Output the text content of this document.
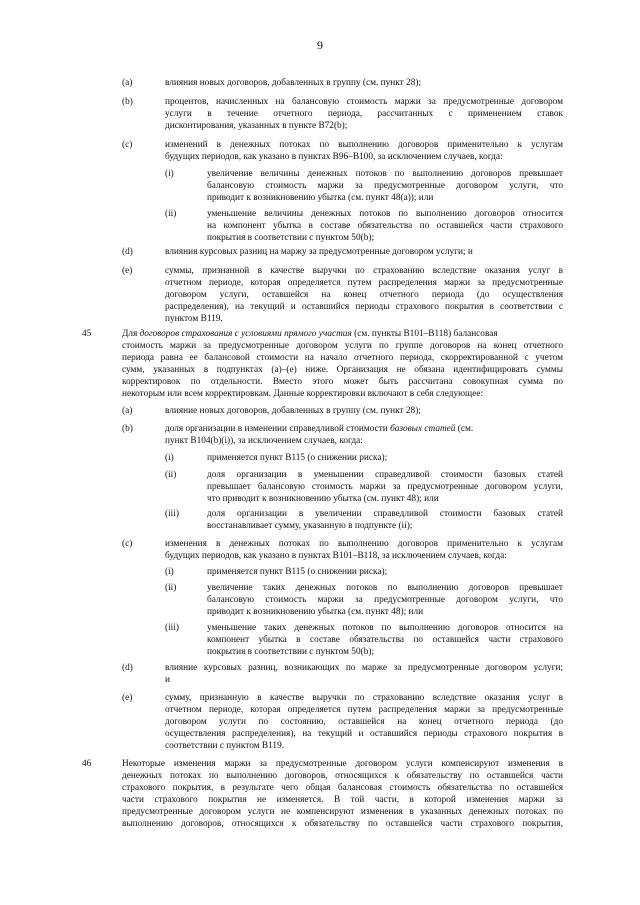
9
(a)	влияния новых договоров, добавленных в группу (см. пункт 28);
(b)	процентов, начисленных на балансовую стоимость маржи за предусмотренные договором
услуги в течение отчетного периода, рассчитанных с применением ставок
дисконтирования, указанных в пункте B72(b);
(c)	изменений в денежных потоках по выполнению договоров применительно к услугам
будущих периодов, как указано в пунктах B96–B100, за исключением случаев, когда:
(i)	увеличение величины денежных потоков по выполнению договоров превышает
балансовую стоимость маржи за предусмотренные договором услуги, что
приводит к возникновению убытка (см. пункт 48(a)); или
(ii)	уменьшение величины денежных потоков по выполнению договоров относится
на компонент убытка в составе обязательства по оставшейся части страхового
покрытия в соответствии с пунктом 50(b);
(d)	влияния курсовых разниц на маржу за предусмотренные договором услуги; и
(e)	суммы, признанной в качестве выручки по страхованию вследствие оказания услуг в
отчетном периоде, которая определяется путем распределения маржи за предусмотренные
договором услуги, оставшейся на конец отчетного периода (до осуществления
распределения), на текущий и оставшийся периоды страхового покрытия в соответствии с
пунктом B119.
45	Для договоров страхования с условиями прямого участия (см. пункты B101–B118) балансовая
стоимость маржи за предусмотренные договором услуги по группе договоров на конец отчетного
периода равна ее балансовой стоимости на начало отчетного периода, скорректированной с учетом
сумм, указанных в подпунктах (a)–(e) ниже. Организация не обязана идентифицировать суммы
корректировок по отдельности. Вместо этого может быть рассчитана совокупная сумма по
некоторым или всем корректировкам. Данные корректировки включают в себя следующее:
(a)	влияние новых договоров, добавленных в группу (см. пункт 28);
(b)	доля организации в изменении справедливой стоимости базовых статей (см.
пункт B104(b)(i)), за исключением случаев, когда:
(i)	применяется пункт B115 (о снижении риска);
(ii)	доля организации в уменьшении справедливой стоимости базовых статей
превышает балансовую стоимость маржи за предусмотренные договором услуги,
что приводит к возникновению убытка (см. пункт 48); или
(iii)	доля организации в увеличении справедливой стоимости базовых статей
восстанавливает сумму, указанную в подпункте (ii);
(c)	изменения в денежных потоках по выполнению договоров применительно к услугам
будущих периодов, как указано в пунктах B101–B118, за исключением случаев, когда:
(i)	применяется пункт B115 (о снижении риска);
(ii)	увеличение таких денежных потоков по выполнению договоров превышает
балансовую стоимость маржи за предусмотренные договором услуги, что
приводит к возникновению убытка (см. пункт 48); или
(iii)	уменьшение таких денежных потоков по выполнению договоров относится на
компонент убытка в составе обязательства по оставшейся части страхового
покрытия в соответствии с пунктом 50(b);
(d)	влияние курсовых разниц, возникающих по марже за предусмотренные договором услуги;
и
(e)	сумму, признанную в качестве выручки по страхованию вследствие оказания услуг в
отчетном периоде, которая определяется путем распределения маржи за предусмотренные
договором услуги по состоянию, оставшейся на конец отчетного периода (до
осуществления распределения), на текущий и оставшийся периоды страхового покрытия в
соответствии с пунктом B119.
46	Некоторые изменения маржи за предусмотренные договором услуги компенсируют изменения в
денежных потоках по выполнению договоров, относящихся к обязательству по оставшейся части
страхового покрытия, в результате чего общая балансовая стоимость обязательства по оставшейся
части страхового покрытия не изменяется. В той части, в которой изменения маржи за
предусмотренные договором услуги не компенсируют изменения в указанных денежных потоках по
выполнению договоров, относящихся к обязательству по оставшейся части страхового покрытия,
